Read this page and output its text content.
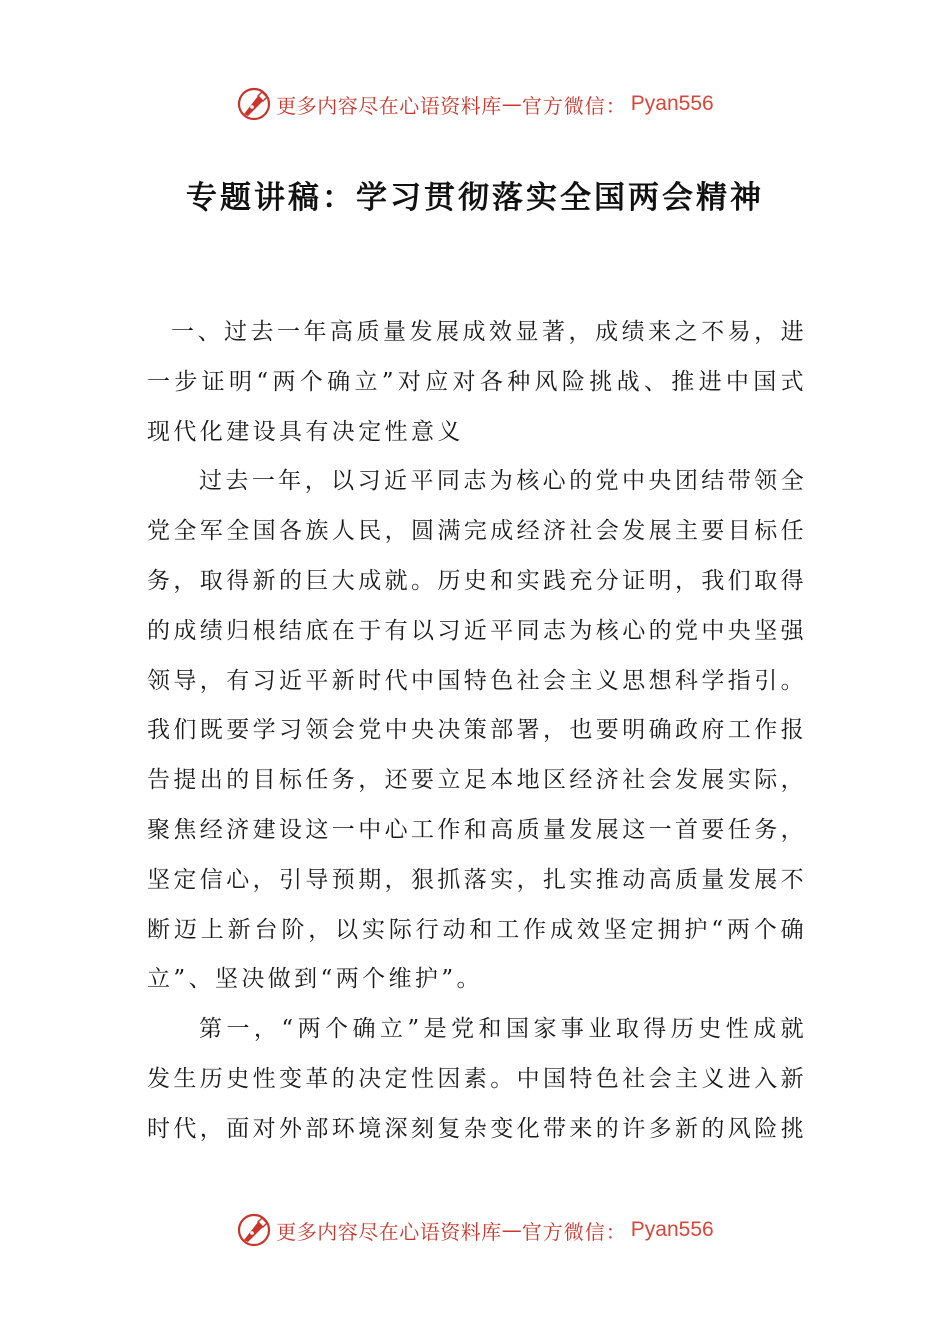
更多内容尽在心语资料库 — 官方微信： Pyan556
专题讲稿：学习贯彻落实全国两会精神

一、过去一年高质量发展成效显著，成绩来之不易，进一步证明“两个确立”对应对各种风险挑战、推进中国式现代化建设具有决定性意义

过去一年，以习近平同志为核心的党中央团结带领全党全军全国各族人民，圆满完成经济社会发展主要目标任务，取得新的巨大成就。历史和实践充分证明，我们取得的成绩归根结底在于有以习近平同志为核心的党中央坚强领导，有习近平新时代中国特色社会主义思想科学指引。我们既要学习领会党中央决策部署，也要明确政府工作报告提出的目标任务，还要立足本地区经济社会发展实际，聚焦经济建设这一中心工作和高质量发展这一首要任务，坚定信心，引导预期，狠抓落实，扎实推动高质量发展不断迈上新台阶，以实际行动和工作成效坚定拥护“两个确立”、坚决做到“两个维护”。

第一，“两个确立”是党和国家事业取得历史性成就发生历史性变革的决定性因素。中国特色社会主义进入新时代，面对外部环境深刻复杂变化带来的许多新的风险挑

更多内容尽在心语资料库 — 官方微信： Pyan556
